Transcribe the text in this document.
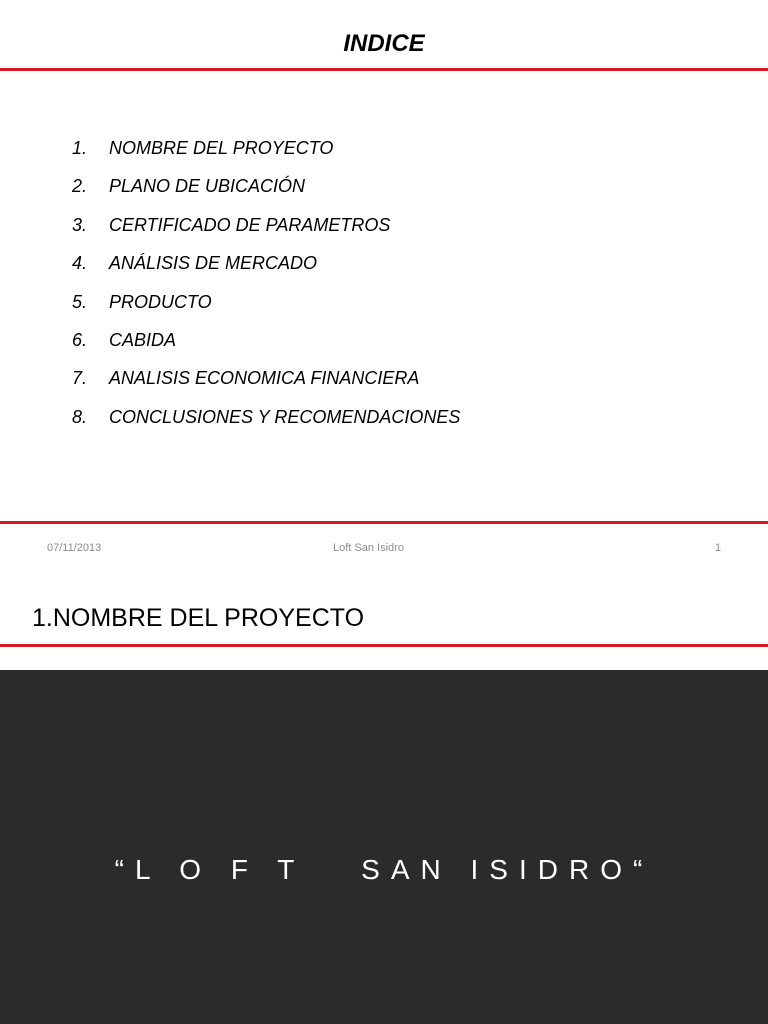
INDICE
1.	NOMBRE DEL PROYECTO
2.	PLANO DE UBICACIÓN
3.	CERTIFICADO DE PARAMETROS
4.	ANÁLISIS DE MERCADO
5.	PRODUCTO
6.	CABIDA
7.	ANALISIS ECONOMICA FINANCIERA
8.	CONCLUSIONES Y RECOMENDACIONES
07/11/2013	Loft San Isidro	1
1.NOMBRE DEL PROYECTO
“L O F T   SAN ISIDRO“
